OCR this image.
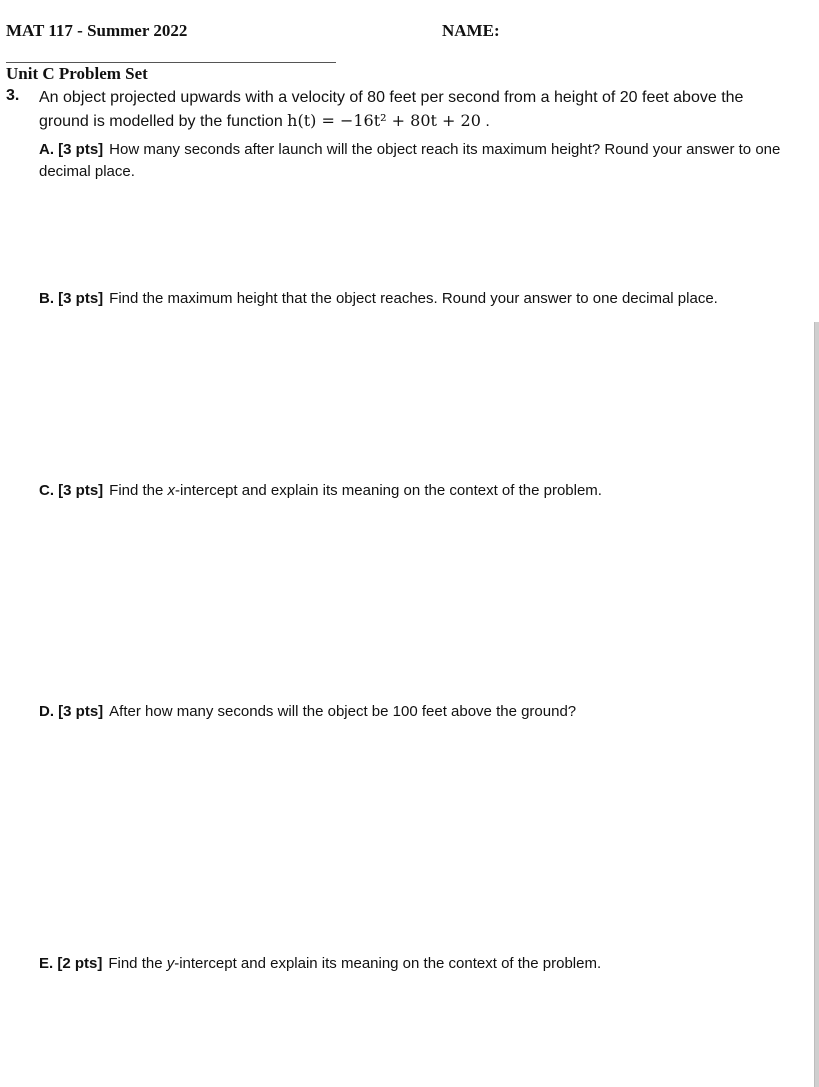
MAT 117 - Summer 2022	NAME:
Unit C Problem Set
3. An object projected upwards with a velocity of 80 feet per second from a height of 20 feet above the
ground is modelled by the function h(t) = −16t² + 80t + 20 .
A. [3 pts] How many seconds after launch will the object reach its maximum height? Round your answer to one decimal place.
B. [3 pts] Find the maximum height that the object reaches. Round your answer to one decimal place.
C. [3 pts] Find the x-intercept and explain its meaning on the context of the problem.
D. [3 pts] After how many seconds will the object be 100 feet above the ground?
E. [2 pts] Find the y-intercept and explain its meaning on the context of the problem.
